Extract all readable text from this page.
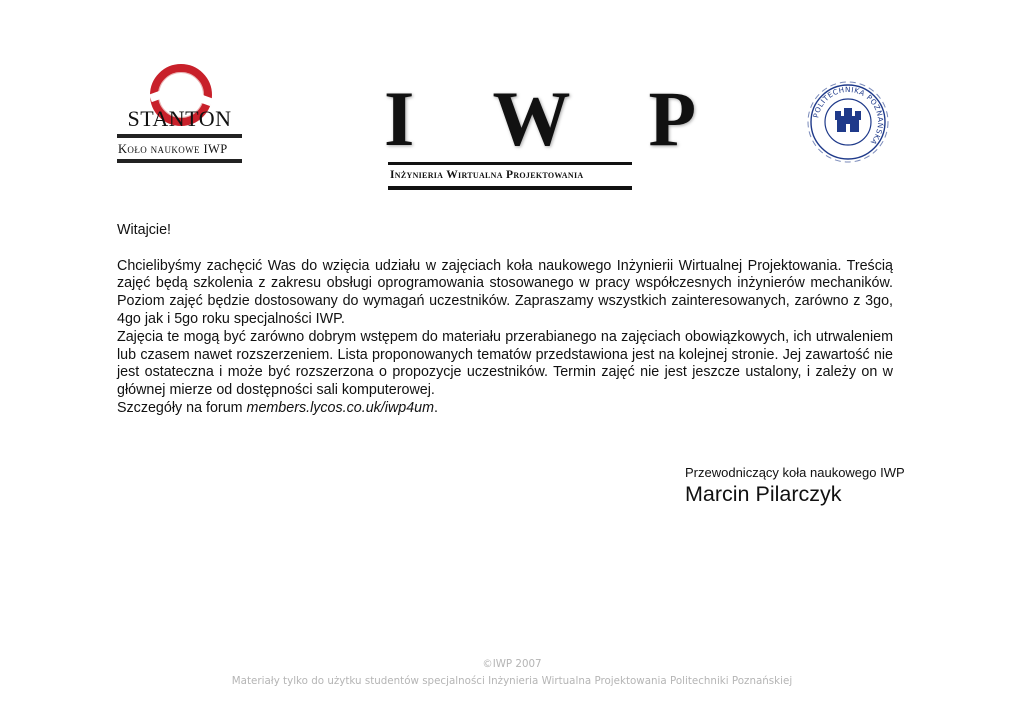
STANTON
Koło naukowe IWP I W P
Inżynieria Wirtualna Projektowania
POLITECHNIKA POZNAŃSKA

Witajcie!

Chcielibyśmy zachęcić Was do wzięcia udziału w zajęciach koła naukowego Inżynierii Wirtualnej Projektowania. Treścią zajęć będą szkolenia z zakresu obsługi oprogramowania stosowanego w pracy współczesnych inżynierów mechaników. Poziom zajęć będzie dostosowany do wymagań uczestników. Zapraszamy wszystkich zainteresowanych, zarówno z 3go, 4go jak i 5go roku specjalności IWP.

Zajęcia te mogą być zarówno dobrym wstępem do materiału przerabianego na zajęciach obowiązkowych, ich utrwaleniem lub czasem nawet rozszerzeniem. Lista proponowanych tematów przedstawiona jest na kolejnej stronie. Jej zawartość nie jest ostateczna i może być rozszerzona o propozycje uczestników. Termin zajęć nie jest jeszcze ustalony, i zależy on w głównej mierze od dostępności sali komputerowej.

Szczegóły na forum members.lycos.co.uk/iwp4um.

Przewodniczący koła naukowego IWP

Marcin Pilarczyk

©IWP 2007
Materiały tylko do użytku studentów specjalności Inżynieria Wirtualna Projektowania Politechniki Poznańskiej
